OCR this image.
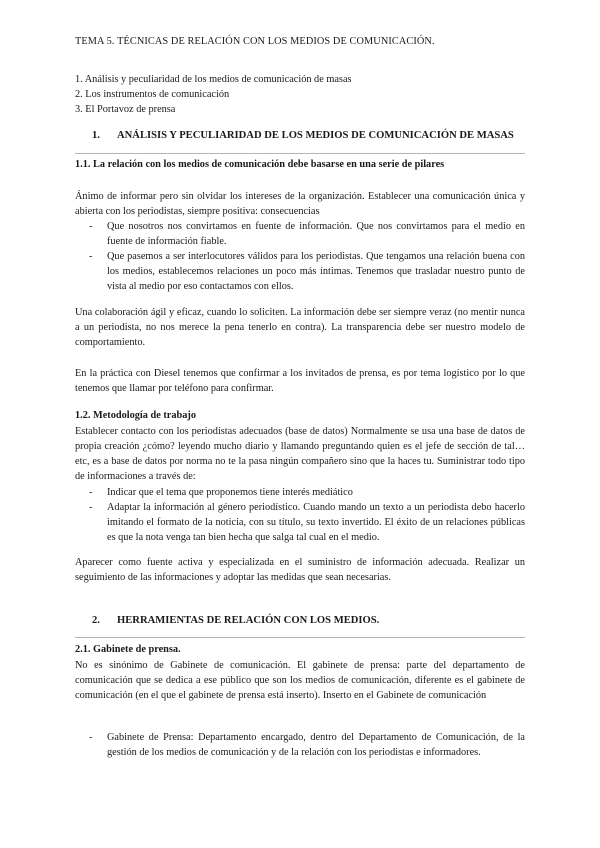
TEMA 5. TÉCNICAS DE RELACIÓN CON LOS MEDIOS DE COMUNICACIÓN.
1. Análisis y peculiaridad de los medios de comunicación de masas
2. Los instrumentos de comunicación
3. El Portavoz de prensa
1. ANÁLISIS Y PECULIARIDAD DE LOS MEDIOS DE COMUNICACIÓN DE MASAS
1.1. La relación con los medios de comunicación debe basarse en una serie de pilares

Ánimo de informar pero sin olvidar los intereses de la organización. Establecer una comunicación única y abierta con los periodistas, siempre positiva: consecuencias

- Que nosotros nos convirtamos en fuente de información. Que nos convirtamos para el medio en fuente de información fiable.
- Que pasemos a ser interlocutores válidos para los periodistas. Que tengamos una relación buena con los medios, establecemos relaciones un poco más íntimas. Tenemos que trasladar nuestro punto de vista al medio por eso contactamos con ellos.

Una colaboración ágil y eficaz, cuando lo soliciten. La información debe ser siempre veraz (no mentir nunca a un periodista, no nos merece la pena tenerlo en contra). La transparencia debe ser nuestro modelo de comportamiento.

En la práctica con Diesel tenemos que confirmar a los invitados de prensa, es por tema logístico por lo que tenemos que llamar por teléfono para confirmar.

1.2. Metodología de trabajo

Establecer contacto con los periodistas adecuados (base de datos) Normalmente se usa una base de datos de propia creación ¿cómo? leyendo mucho diario y llamando preguntando quien es el jefe de sección de tal… etc, es a base de datos por norma no te la pasa ningún compañero sino que la haces tu. Suministrar todo tipo de informaciones a través de:

- Indicar que el tema que proponemos tiene interés mediático
- Adaptar la información al género periodístico. Cuando mando un texto a un periodista debo hacerlo imitando el formato de la noticia, con su título, su texto invertido. El éxito de un relaciones públicas es que la nota venga tan bien hecha que salga tal cual en el medio.

Aparecer como fuente activa y especializada en el suministro de información adecuada. Realizar un seguimiento de las informaciones y adoptar las medidas que sean necesarias.

2. HERRAMIENTAS DE RELACIÓN CON LOS MEDIOS.
2.1. Gabinete de prensa.

No es sinónimo de Gabinete de comunicación. El gabinete de prensa: parte del departamento de comunicación que se dedica a ese público que son los medios de comunicación, diferente es el gabinete de comunicación (en el que el gabinete de prensa está inserto). Inserto en el Gabinete de comunicación

- Gabinete de Prensa: Departamento encargado, dentro del Departamento de Comunicación, de la gestión de los medios de comunicación y de la relación con los periodistas e informadores.
